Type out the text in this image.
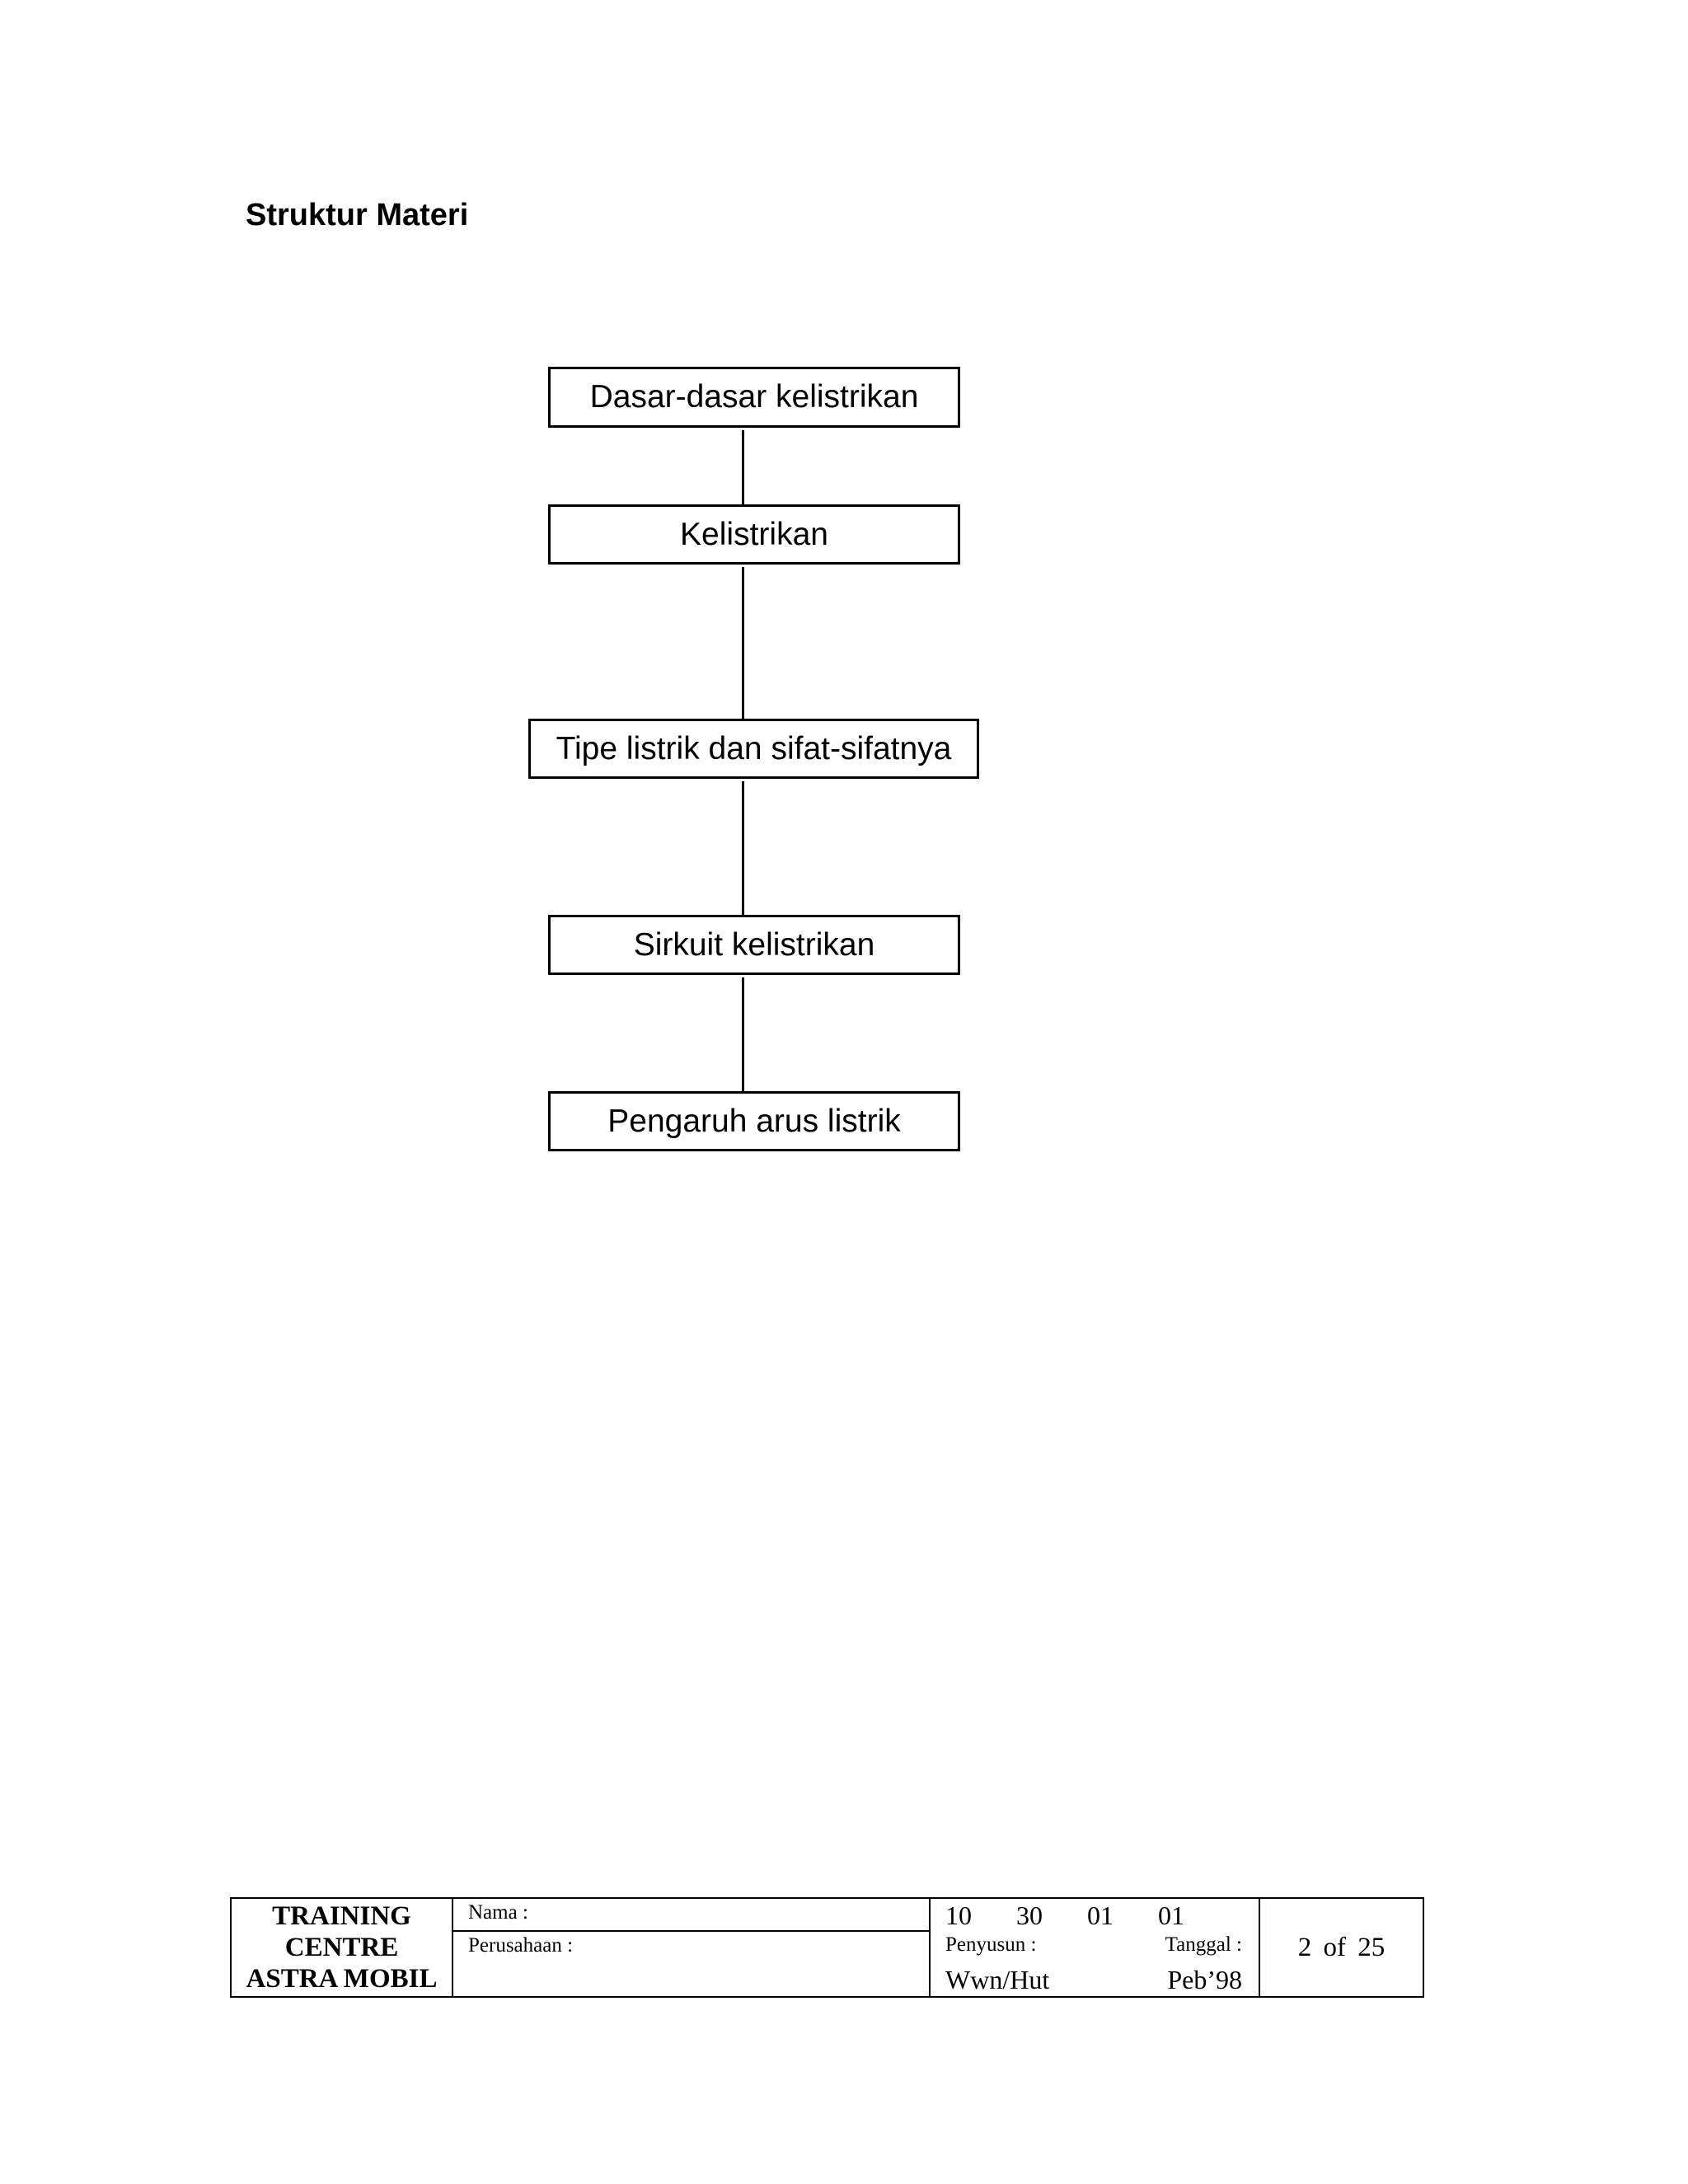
Struktur Materi
Dasar-dasar kelistrikan
Kelistrikan
Tipe listrik dan sifat-sifatnya
Sirkuit kelistrikan
Pengaruh arus listrik
TRAINING
CENTRE
ASTRA MOBIL
	Nama :	10   30   01   01
Penyusun :	Tanggal :
Wwn/Hut	Peb’98
	2 of 25
Perusahaan :
